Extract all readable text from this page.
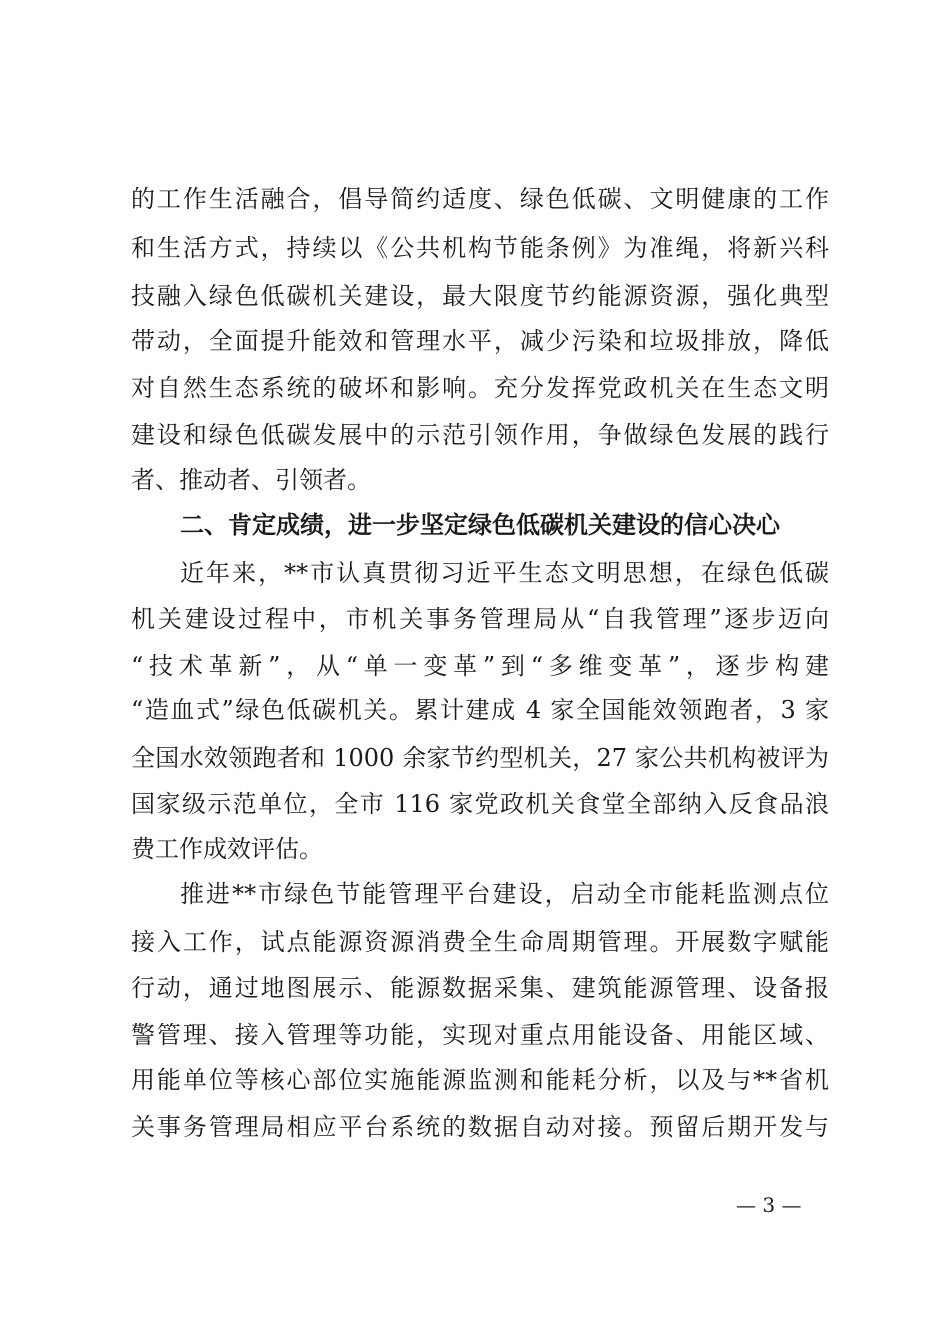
的工作生活融合，倡导简约适度、绿色低碳、文明健康的工作
和生活方式，持续以《公共机构节能条例》为准绳，将新兴科
技融入绿色低碳机关建设，最大限度节约能源资源，强化典型
带动，全面提升能效和管理水平，减少污染和垃圾排放，降低
对自然生态系统的破坏和影响。充分发挥党政机关在生态文明
建设和绿色低碳发展中的示范引领作用，争做绿色发展的践行
者、推动者、引领者。
二、肯定成绩，进一步坚定绿色低碳机关建设的信心决心
近年来，**市认真贯彻习近平生态文明思想，在绿色低碳
机关建设过程中，市机关事务管理局从“自我管理”逐步迈向
“技术革新”，从“单一变革”到“多维变革”，逐步构建
“造血式”绿色低碳机关。累计建成 4 家全国能效领跑者，3 家
全国水效领跑者和 1000 余家节约型机关，27 家公共机构被评为
国家级示范单位，全市 116 家党政机关食堂全部纳入反食品浪
费工作成效评估。
推进**市绿色节能管理平台建设，启动全市能耗监测点位
接入工作，试点能源资源消费全生命周期管理。开展数字赋能
行动，通过地图展示、能源数据采集、建筑能源管理、设备报
警管理、接入管理等功能，实现对重点用能设备、用能区域、
用能单位等核心部位实施能源监测和能耗分析，以及与**省机
关事务管理局相应平台系统的数据自动对接。预留后期开发与
— 3 —
